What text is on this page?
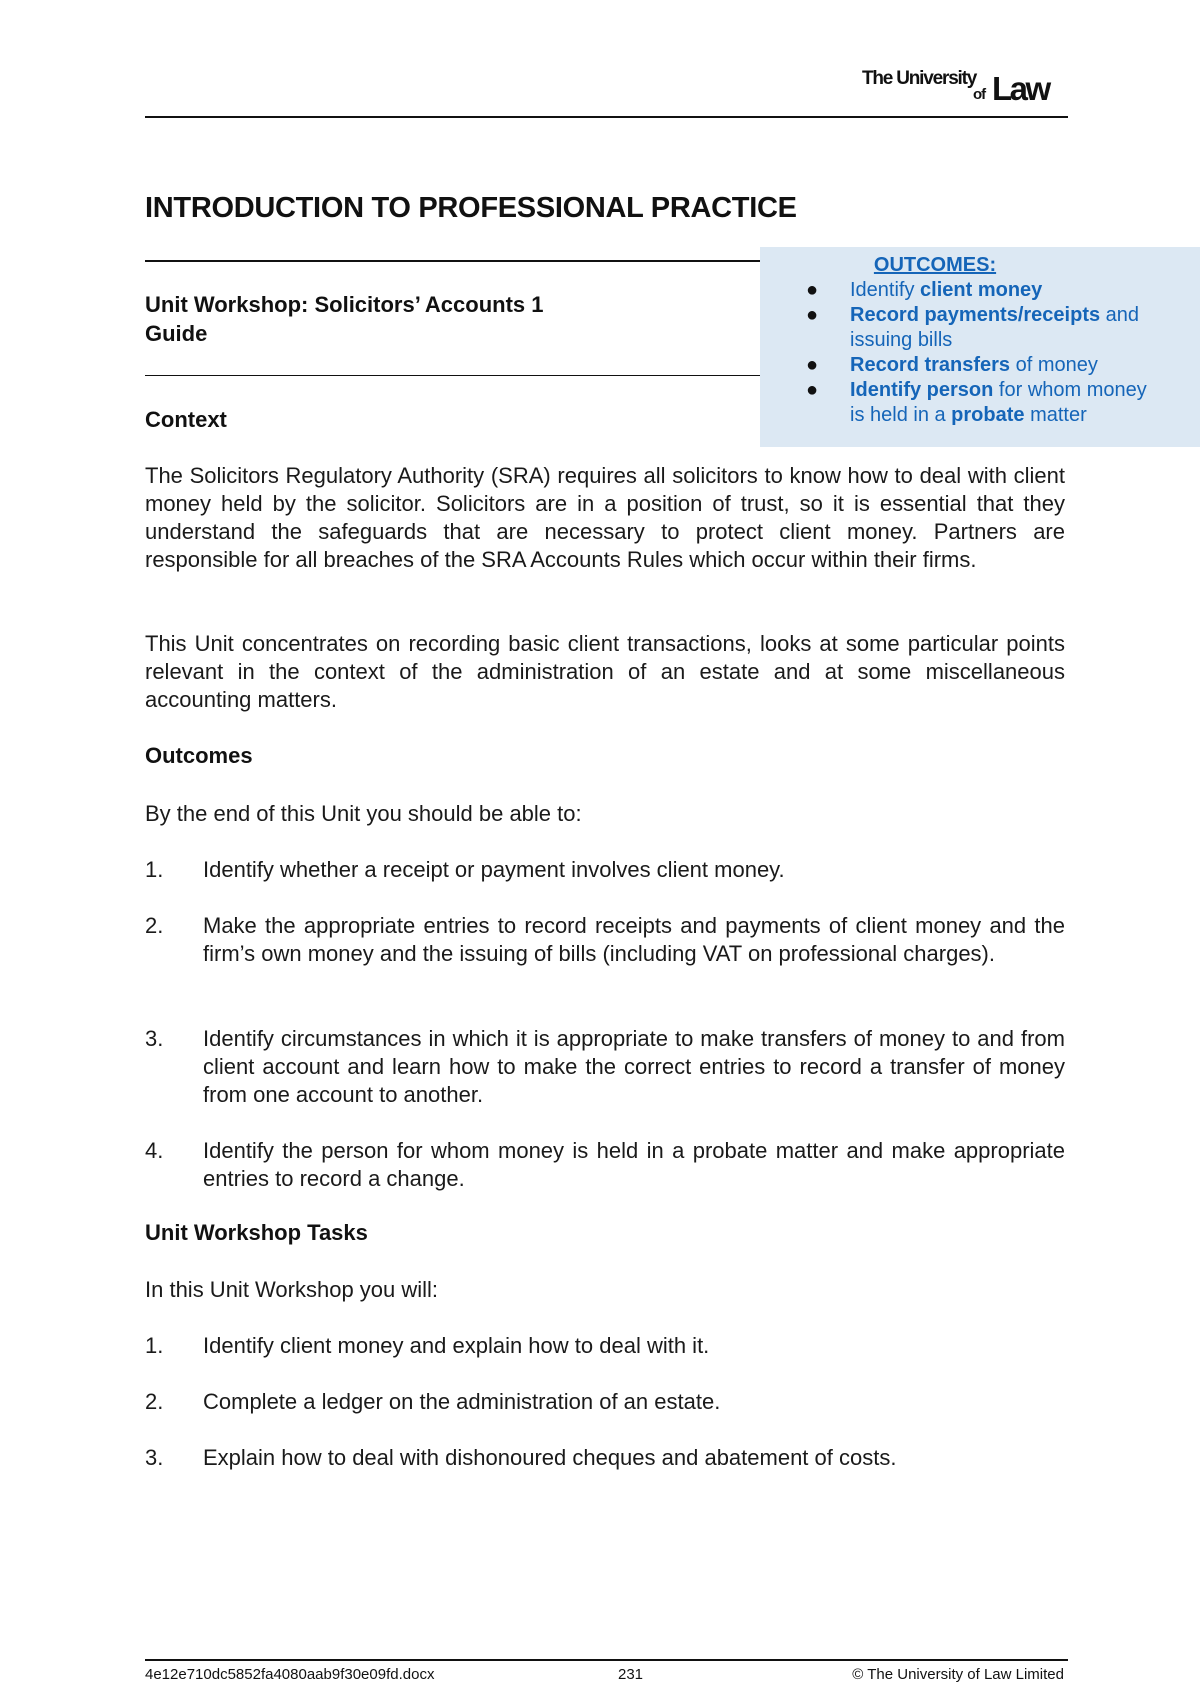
The University
of Law
INTRODUCTION TO PROFESSIONAL PRACTICE
Unit Workshop: Solicitors’ Accounts 1
Guide
OUTCOMES:
● Identify client money
● Record payments/receipts and issuing bills
● Record transfers of money
● Identify person for whom money is held in a probate matter
Context

The Solicitors Regulatory Authority (SRA) requires all solicitors to know how to deal with client money held by the solicitor. Solicitors are in a position of trust, so it is essential that they understand the safeguards that are necessary to protect client money. Partners are responsible for all breaches of the SRA Accounts Rules which occur within their firms.

This Unit concentrates on recording basic client transactions, looks at some particular points relevant in the context of the administration of an estate and at some miscellaneous accounting matters.

Outcomes

By the end of this Unit you should be able to:

1. Identify whether a receipt or payment involves client money.
2. Make the appropriate entries to record receipts and payments of client money and the firm’s own money and the issuing of bills (including VAT on professional charges).
3. Identify circumstances in which it is appropriate to make transfers of money to and from client account and learn how to make the correct entries to record a transfer of money from one account to another.
4. Identify the person for whom money is held in a probate matter and make appropriate entries to record a change.
Unit Workshop Tasks

In this Unit Workshop you will:

1. Identify client money and explain how to deal with it.
2. Complete a ledger on the administration of an estate.
3. Explain how to deal with dishonoured cheques and abatement of costs.
4e12e710dc5852fa4080aab9f30e09fd.docx	231	© The University of Law Limited
